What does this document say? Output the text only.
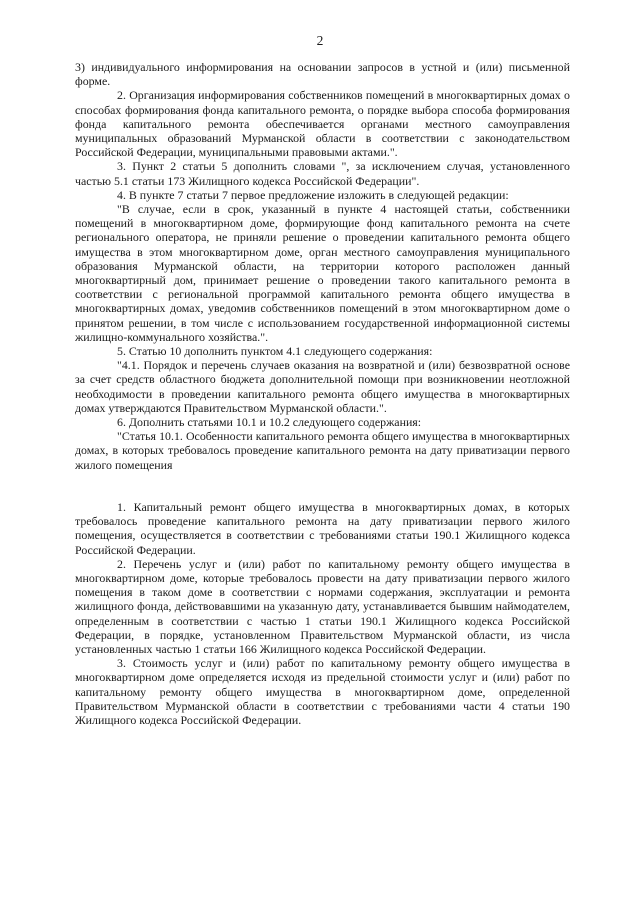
2

3) индивидуального информирования на основании запросов в устной и (или) письменной форме.

2. Организация информирования собственников помещений в многоквартирных домах о способах формирования фонда капитального ремонта, о порядке выбора способа формирования фонда капитального ремонта обеспечивается органами местного самоуправления муниципальных образований Мурманской области в соответствии с законодательством Российской Федерации, муниципальными правовыми актами.".

3. Пункт 2 статьи 5 дополнить словами ", за исключением случая, установленного частью 5.1 статьи 173 Жилищного кодекса Российской Федерации".

4. В пункте 7 статьи 7 первое предложение изложить в следующей редакции:

"В случае, если в срок, указанный в пункте 4 настоящей статьи, собственники помещений в многоквартирном доме, формирующие фонд капитального ремонта на счете регионального оператора, не приняли решение о проведении капитального ремонта общего имущества в этом многоквартирном доме, орган местного самоуправления муниципального образования Мурманской области, на территории которого расположен данный многоквартирный дом, принимает решение о проведении такого капитального ремонта в соответствии с региональной программой капитального ремонта общего имущества в многоквартирных домах, уведомив собственников помещений в этом многоквартирном доме о принятом решении, в том числе с использованием государственной информационной системы жилищно-коммунального хозяйства.".

5. Статью 10 дополнить пунктом 4.1 следующего содержания:

"4.1. Порядок и перечень случаев оказания на возвратной и (или) безвозвратной основе за счет средств областного бюджета дополнительной помощи при возникновении неотложной необходимости в проведении капитального ремонта общего имущества в многоквартирных домах утверждаются Правительством Мурманской области.".

6. Дополнить статьями 10.1 и 10.2 следующего содержания:

"Статья 10.1. Особенности капитального ремонта общего имущества в многоквартирных домах, в которых требовалось проведение капитального ремонта на дату приватизации первого жилого помещения

1. Капитальный ремонт общего имущества в многоквартирных домах, в которых требовалось проведение капитального ремонта на дату приватизации первого жилого помещения, осуществляется в соответствии с требованиями статьи 190.1 Жилищного кодекса Российской Федерации.

2. Перечень услуг и (или) работ по капитальному ремонту общего имущества в многоквартирном доме, которые требовалось провести на дату приватизации первого жилого помещения в таком доме в соответствии с нормами содержания, эксплуатации и ремонта жилищного фонда, действовавшими на указанную дату, устанавливается бывшим наймодателем, определенным в соответствии с частью 1 статьи 190.1 Жилищного кодекса Российской Федерации, в порядке, установленном Правительством Мурманской области, из числа установленных частью 1 статьи 166 Жилищного кодекса Российской Федерации.

3. Стоимость услуг и (или) работ по капитальному ремонту общего имущества в многоквартирном доме определяется исходя из предельной стоимости услуг и (или) работ по капитальному ремонту общего имущества в многоквартирном доме, определенной Правительством Мурманской области в соответствии с требованиями части 4 статьи 190 Жилищного кодекса Российской Федерации.
